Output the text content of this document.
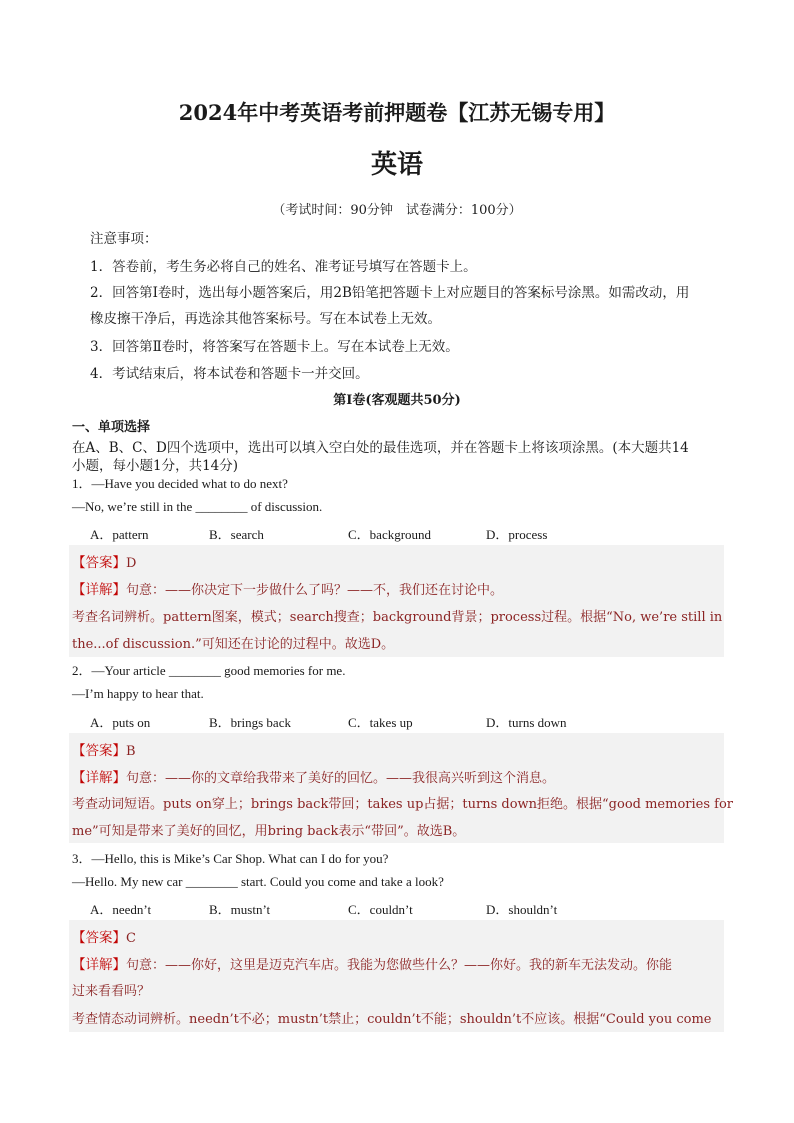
2024年中考英语考前押题卷【江苏无锡专用】
英语
（考试时间：90分钟　试卷满分：100分）
注意事项：
1．答卷前，考生务必将自己的姓名、准考证号填写在答题卡上。
2．回答第Ⅰ卷时，选出每小题答案后，用2B铅笔把答题卡上对应题目的答案标号涂黑。如需改动，用
橡皮擦干净后，再选涂其他答案标号。写在本试卷上无效。
3．回答第Ⅱ卷时，将答案写在答题卡上。写在本试卷上无效。
4．考试结束后，将本试卷和答题卡一并交回。
第Ⅰ卷(客观题共50分)
一、单项选择
在A、B、C、D四个选项中，选出可以填入空白处的最佳选项，并在答题卡上将该项涂黑。(本大题共14
小题，每小题1分，共14分)
1．—Have you decided what to do next?
—No, we’re still in the ________ of discussion.
A．pattern	B．search	C．background	D．process
【答案】D
【详解】句意：——你决定下一步做什么了吗？——不，我们还在讨论中。
考查名词辨析。pattern图案，模式；search搜查；background背景；process过程。根据“No, we’re still in
the...of discussion.”可知还在讨论的过程中。故选D。
2．—Your article ________ good memories for me.
—I’m happy to hear that.
A．puts on	B．brings back	C．takes up	D．turns down
【答案】B
【详解】句意：——你的文章给我带来了美好的回忆。——我很高兴听到这个消息。
考查动词短语。puts on穿上；brings back带回；takes up占据；turns down拒绝。根据“good memories for
me”可知是带来了美好的回忆，用bring back表示“带回”。故选B。
3．—Hello, this is Mike’s Car Shop. What can I do for you?
—Hello. My new car ________ start. Could you come and take a look?
A．needn’t	B．mustn’t	C．couldn’t	D．shouldn’t
【答案】C
【详解】句意：——你好，这里是迈克汽车店。我能为您做些什么？——你好。我的新车无法发动。你能
过来看看吗？
考查情态动词辨析。needn’t不必；mustn’t禁止；couldn’t不能；shouldn’t不应该。根据“Could you come
